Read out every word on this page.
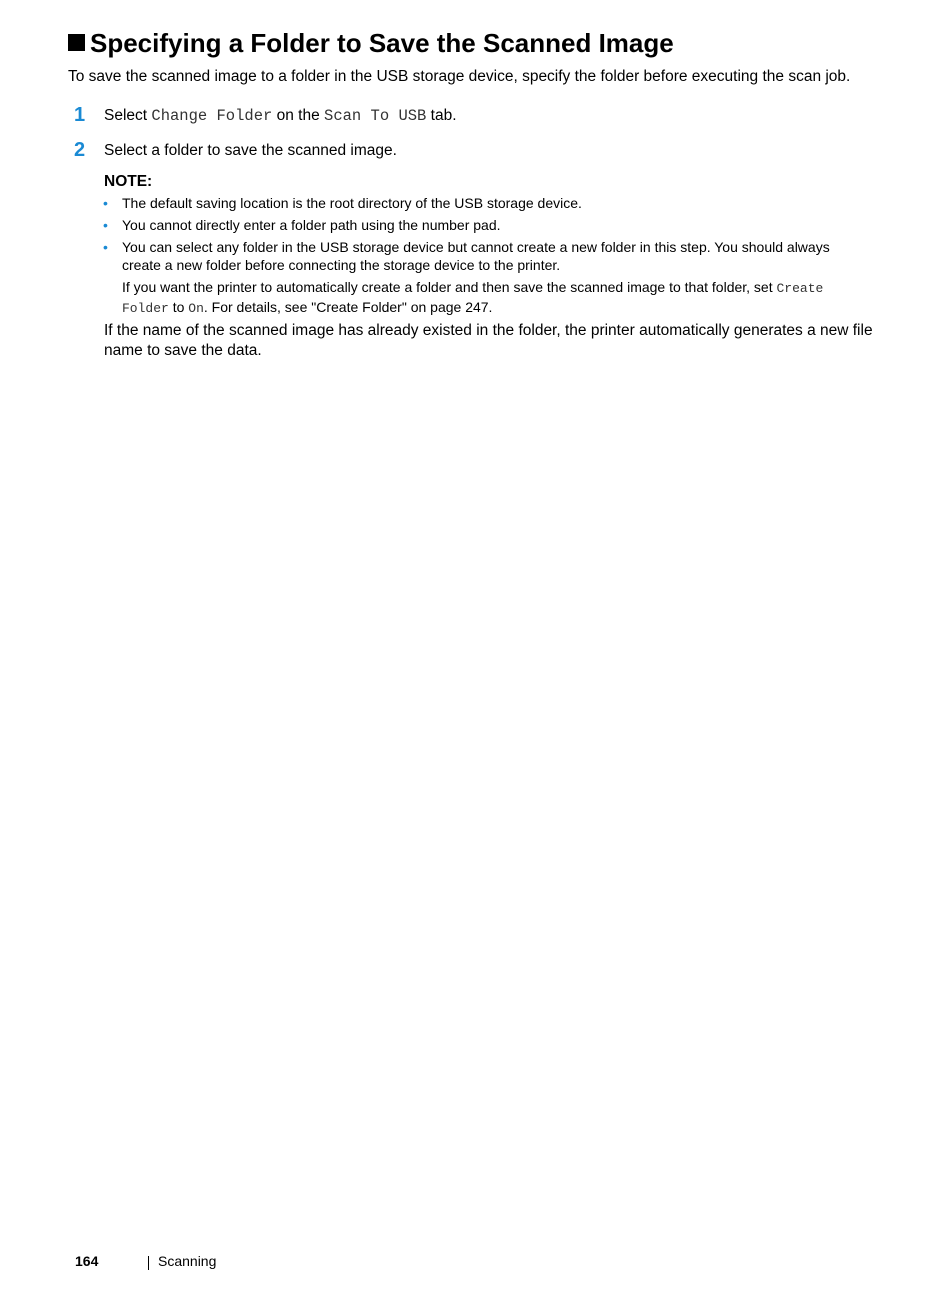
Specifying a Folder to Save the Scanned Image

To save the scanned image to a folder in the USB storage device, specify the folder before executing the scan job.

1 Select Change Folder on the Scan To USB tab.
2 Select a folder to save the scanned image.

NOTE:

• The default saving location is the root directory of the USB storage device.
• You cannot directly enter a folder path using the number pad.
• You can select any folder in the USB storage device but cannot create a new folder in this step. You should always create a new folder before connecting the storage device to the printer.
If you want the printer to automatically create a folder and then save the scanned image to that folder, set Create Folder to On. For details, see "Create Folder" on page 247.

If the name of the scanned image has already existed in the folder, the printer automatically generates a new file name to save the data.

164	Scanning
